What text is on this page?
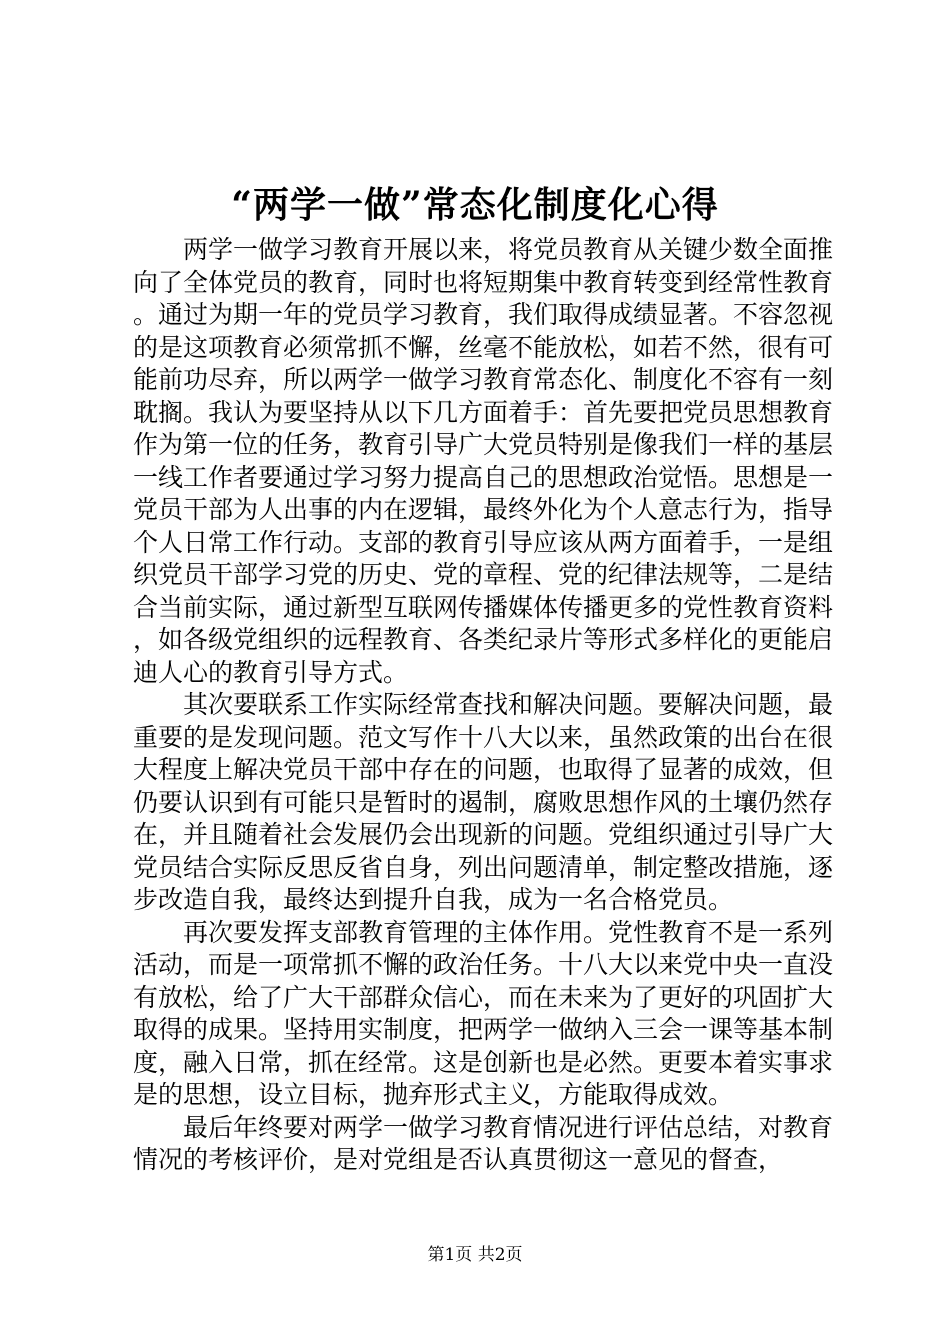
“两学一做”常态化制度化心得

两学一做学习教育开展以来，将党员教育从关键少数全面推向了全体党员的教育，同时也将短期集中教育转变到经常性教育。通过为期一年的党员学习教育，我们取得成绩显著。不容忽视的是这项教育必须常抓不懈，丝毫不能放松，如若不然，很有可能前功尽弃，所以两学一做学习教育常态化、制度化不容有一刻耽搁。我认为要坚持从以下几方面着手：首先要把党员思想教育作为第一位的任务，教育引导广大党员特别是像我们一样的基层一线工作者要通过学习努力提高自己的思想政治觉悟。思想是一党员干部为人出事的内在逻辑，最终外化为个人意志行为，指导个人日常工作行动。支部的教育引导应该从两方面着手，一是组织党员干部学习党的历史、党的章程、党的纪律法规等，二是结合当前实际，通过新型互联网传播媒体传播更多的党性教育资料，如各级党组织的远程教育、各类纪录片等形式多样化的更能启迪人心的教育引导方式。

其次要联系工作实际经常查找和解决问题。要解决问题，最重要的是发现问题。范文写作十八大以来，虽然政策的出台在很大程度上解决党员干部中存在的问题，也取得了显著的成效，但仍要认识到有可能只是暂时的遏制，腐败思想作风的土壤仍然存在，并且随着社会发展仍会出现新的问题。党组织通过引导广大党员结合实际反思反省自身，列出问题清单，制定整改措施，逐步改造自我，最终达到提升自我，成为一名合格党员。

再次要发挥支部教育管理的主体作用。党性教育不是一系列活动，而是一项常抓不懈的政治任务。十八大以来党中央一直没有放松，给了广大干部群众信心，而在未来为了更好的巩固扩大取得的成果。坚持用实制度，把两学一做纳入三会一课等基本制度，融入日常，抓在经常。这是创新也是必然。更要本着实事求是的思想，设立目标，抛弃形式主义，方能取得成效。

最后年终要对两学一做学习教育情况进行评估总结，对教育情况的考核评价，是对党组是否认真贯彻这一意见的督查，

第1页 共2页
